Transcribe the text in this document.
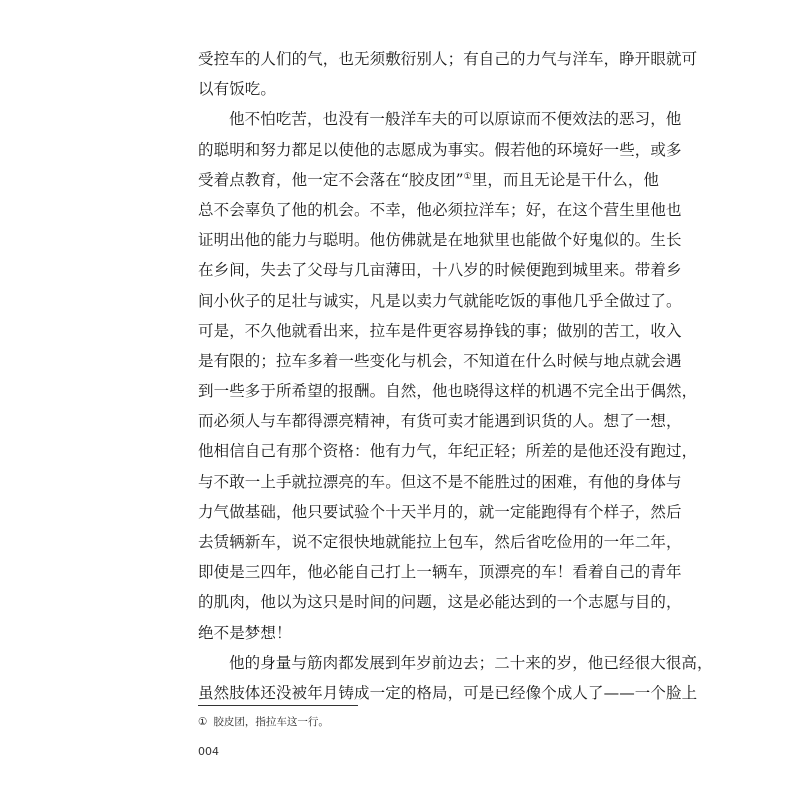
受控车的人们的气，也无须敷衍别人；有自己的力气与洋车，睁开眼就可
以有饭吃。
他不怕吃苦，也没有一般洋车夫的可以原谅而不便效法的恶习，他
的聪明和努力都足以使他的志愿成为事实。假若他的环境好一些，或多
受着点教育，他一定不会落在“胶皮团”①里，而且无论是干什么，他
总不会辜负了他的机会。不幸，他必须拉洋车；好，在这个营生里他也
证明出他的能力与聪明。他仿佛就是在地狱里也能做个好鬼似的。生长
在乡间，失去了父母与几亩薄田，十八岁的时候便跑到城里来。带着乡
间小伙子的足壮与诚实，凡是以卖力气就能吃饭的事他几乎全做过了。
可是，不久他就看出来，拉车是件更容易挣钱的事；做别的苦工，收入
是有限的；拉车多着一些变化与机会，不知道在什么时候与地点就会遇
到一些多于所希望的报酬。自然，他也晓得这样的机遇不完全出于偶然，
而必须人与车都得漂亮精神，有货可卖才能遇到识货的人。想了一想，
他相信自己有那个资格：他有力气，年纪正轻；所差的是他还没有跑过，
与不敢一上手就拉漂亮的车。但这不是不能胜过的困难，有他的身体与
力气做基础，他只要试验个十天半月的，就一定能跑得有个样子，然后
去赁辆新车，说不定很快地就能拉上包车，然后省吃俭用的一年二年，
即使是三四年，他必能自己打上一辆车，顶漂亮的车！看着自己的青年
的肌肉，他以为这只是时间的问题，这是必能达到的一个志愿与目的，
绝不是梦想！
他的身量与筋肉都发展到年岁前边去；二十来的岁，他已经很大很高，
虽然肢体还没被年月铸成一定的格局，可是已经像个成人了——一个脸上
① 胶皮团，指拉车这一行。
004
